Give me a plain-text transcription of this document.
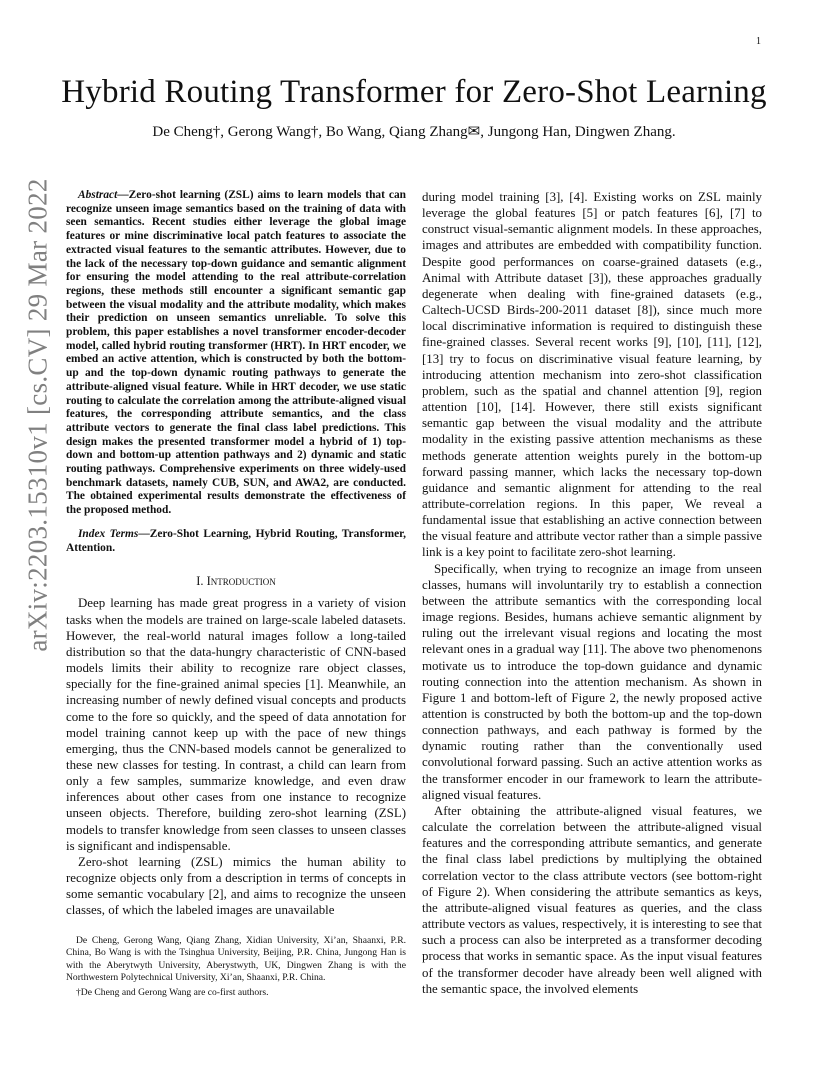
1
arXiv:2203.15310v1 [cs.CV] 29 Mar 2022
Hybrid Routing Transformer for Zero-Shot Learning
De Cheng†, Gerong Wang†, Bo Wang, Qiang Zhang✉, Jungong Han, Dingwen Zhang.

Abstract—Zero-shot learning (ZSL) aims to learn models that can recognize unseen image semantics based on the training of data with seen semantics. Recent studies either leverage the global image features or mine discriminative local patch features to associate the extracted visual features to the semantic attributes. However, due to the lack of the necessary top-down guidance and semantic alignment for ensuring the model attending to the real attribute-correlation regions, these methods still encounter a significant semantic gap between the visual modality and the attribute modality, which makes their prediction on unseen semantics unreliable. To solve this problem, this paper establishes a novel transformer encoder-decoder model, called hybrid routing transformer (HRT). In HRT encoder, we embed an active attention, which is constructed by both the bottom-up and the top-down dynamic routing pathways to generate the attribute-aligned visual feature. While in HRT decoder, we use static routing to calculate the correlation among the attribute-aligned visual features, the corresponding attribute semantics, and the class attribute vectors to generate the final class label predictions. This design makes the presented transformer model a hybrid of 1) top-down and bottom-up attention pathways and 2) dynamic and static routing pathways. Comprehensive experiments on three widely-used benchmark datasets, namely CUB, SUN, and AWA2, are conducted. The obtained experimental results demonstrate the effectiveness of the proposed method.

Index Terms—Zero-Shot Learning, Hybrid Routing, Transformer, Attention.

I. Introduction

Deep learning has made great progress in a variety of vision tasks when the models are trained on large-scale labeled datasets. However, the real-world natural images follow a long-tailed distribution so that the data-hungry characteristic of CNN-based models limits their ability to recognize rare object classes, specially for the fine-grained animal species [1]. Meanwhile, an increasing number of newly defined visual concepts and products come to the fore so quickly, and the speed of data annotation for model training cannot keep up with the pace of new things emerging, thus the CNN-based models cannot be generalized to these new classes for testing. In contrast, a child can learn from only a few samples, summarize knowledge, and even draw inferences about other cases from one instance to recognize unseen objects. Therefore, building zero-shot learning (ZSL) models to transfer knowledge from seen classes to unseen classes is significant and indispensable.

Zero-shot learning (ZSL) mimics the human ability to recognize objects only from a description in terms of concepts in some semantic vocabulary [2], and aims to recognize the unseen classes, of which the labeled images are unavailable

De Cheng, Gerong Wang, Qiang Zhang, Xidian University, Xi’an, Shaanxi, P.R. China, Bo Wang is with the Tsinghua University, Beijing, P.R. China, Jungong Han is with the Aberytwyth University, Aberystwyth, UK, Dingwen Zhang is with the Northwestern Polytechnical University, Xi’an, Shaanxi, P.R. China.

†De Cheng and Gerong Wang are co-first authors.

during model training [3], [4]. Existing works on ZSL mainly leverage the global features [5] or patch features [6], [7] to construct visual-semantic alignment models. In these approaches, images and attributes are embedded with compatibility function. Despite good performances on coarse-grained datasets (e.g., Animal with Attribute dataset [3]), these approaches gradually degenerate when dealing with fine-grained datasets (e.g., Caltech-UCSD Birds-200-2011 dataset [8]), since much more local discriminative information is required to distinguish these fine-grained classes. Several recent works [9], [10], [11], [12], [13] try to focus on discriminative visual feature learning, by introducing attention mechanism into zero-shot classification problem, such as the spatial and channel attention [9], region attention [10], [14]. However, there still exists significant semantic gap between the visual modality and the attribute modality in the existing passive attention mechanisms as these methods generate attention weights purely in the bottom-up forward passing manner, which lacks the necessary top-down guidance and semantic alignment for attending to the real attribute-correlation regions. In this paper, We reveal a fundamental issue that establishing an active connection between the visual feature and attribute vector rather than a simple passive link is a key point to facilitate zero-shot learning.

Specifically, when trying to recognize an image from unseen classes, humans will involuntarily try to establish a connection between the attribute semantics with the corresponding local image regions. Besides, humans achieve semantic alignment by ruling out the irrelevant visual regions and locating the most relevant ones in a gradual way [11]. The above two phenomenons motivate us to introduce the top-down guidance and dynamic routing connection into the attention mechanism. As shown in Figure 1 and bottom-left of Figure 2, the newly proposed active attention is constructed by both the bottom-up and the top-down connection pathways, and each pathway is formed by the dynamic routing rather than the conventionally used convolutional forward passing. Such an active attention works as the transformer encoder in our framework to learn the attribute-aligned visual features.

After obtaining the attribute-aligned visual features, we calculate the correlation between the attribute-aligned visual features and the corresponding attribute semantics, and generate the final class label predictions by multiplying the obtained correlation vector to the class attribute vectors (see bottom-right of Figure 2). When considering the attribute semantics as keys, the attribute-aligned visual features as queries, and the class attribute vectors as values, respectively, it is interesting to see that such a process can also be interpreted as a transformer decoding process that works in semantic space. As the input visual features of the transformer decoder have already been well aligned with the semantic space, the involved elements
